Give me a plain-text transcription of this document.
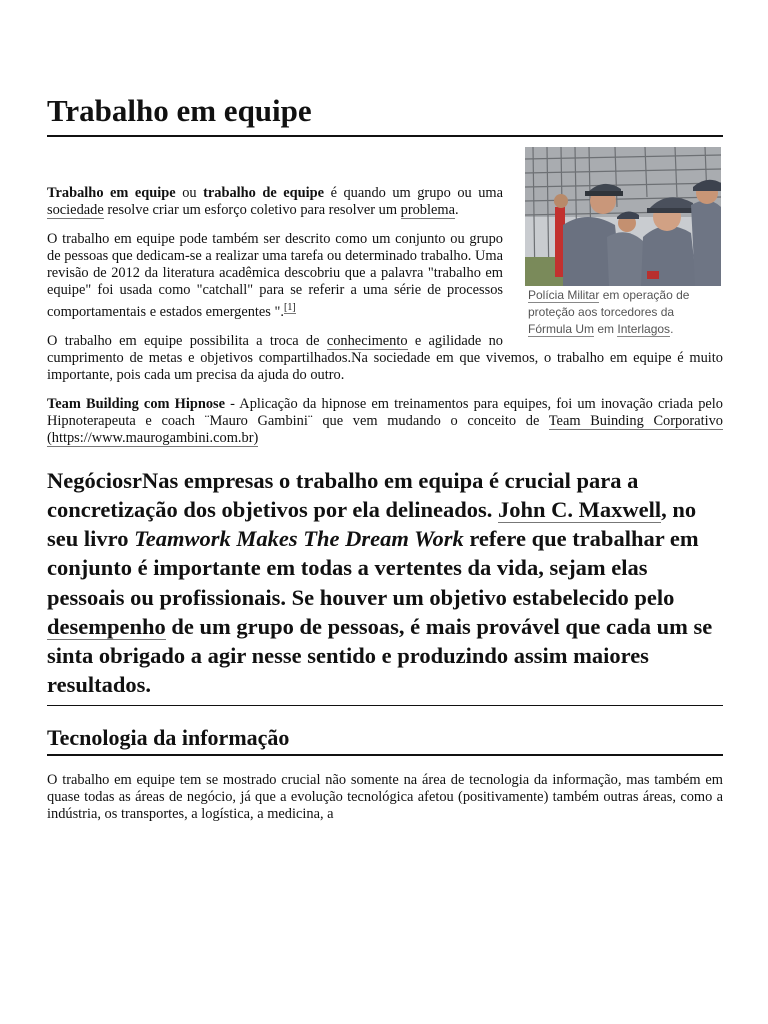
Trabalho em equipe
Polícia Militar em operação de proteção aos torcedores da Fórmula Um em Interlagos.

Trabalho em equipe ou trabalho de equipe é quando um grupo ou uma sociedade resolve criar um esforço coletivo para resolver um problema.

O trabalho em equipe pode também ser descrito como um conjunto ou grupo de pessoas que dedicam-se a realizar uma tarefa ou determinado trabalho. Uma revisão de 2012 da literatura acadêmica descobriu que a palavra "trabalho em equipe" foi usada como "catchall" para se referir a uma série de processos comportamentais e estados emergentes ".[1]

O trabalho em equipe possibilita a troca de conhecimento e agilidade no cumprimento de metas e objetivos compartilhados.Na sociedade em que vivemos, o trabalho em equipe é muito importante, pois cada um precisa da ajuda do outro.

Team Building com Hipnose - Aplicação da hipnose em treinamentos para equipes, foi um inovação criada pelo Hipnoterapeuta e coach ¨Mauro Gambini¨ que vem mudando o conceito de Team Buinding Corporativo (https://www.maurogambini.com.br)

NegóciosrNas empresas o trabalho em equipa é crucial para a concretização dos objetivos por ela delineados. John C. Maxwell, no seu livro Teamwork Makes The Dream Work refere que trabalhar em conjunto é importante em todas a vertentes da vida, sejam elas pessoais ou profissionais. Se houver um objetivo estabelecido pelo desempenho de um grupo de pessoas, é mais provável que cada um se sinta obrigado a agir nesse sentido e produzindo assim maiores resultados.

Tecnologia da informação

O trabalho em equipe tem se mostrado crucial não somente na área de tecnologia da informação, mas também em quase todas as áreas de negócio, já que a evolução tecnológica afetou (positivamente) também outras áreas, como a indústria, os transportes, a logística, a medicina, a
